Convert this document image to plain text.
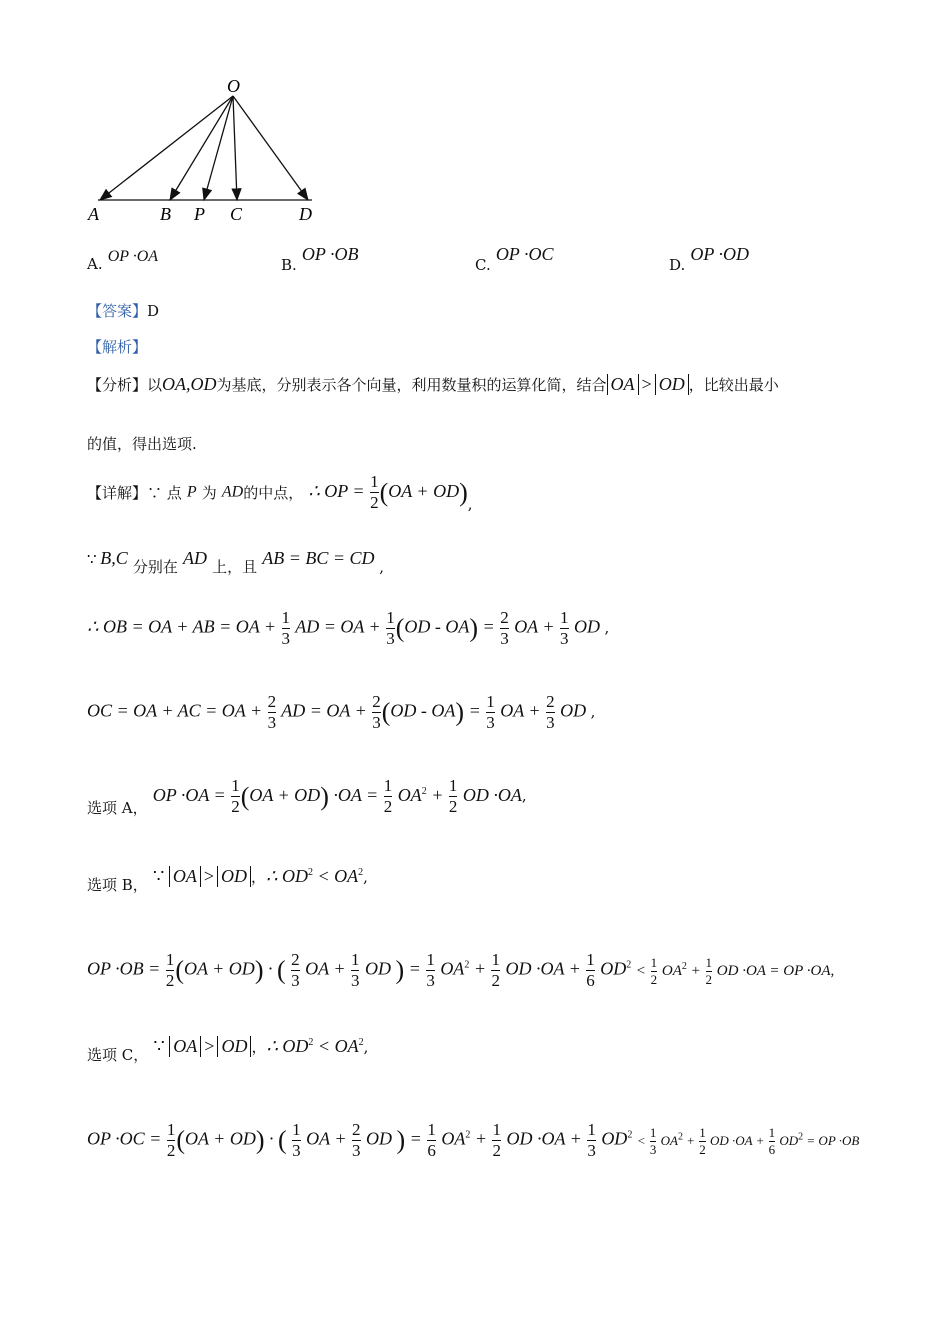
O
A	B P C	D
A. OP ·OA	B. OP ·OB
C. OP ·OC
D. OP ·OD
【答案】D
【解析】
【分析】以OA,OD为基底，分别表示各个向量，利用数量积的运算化简，结合 OA > OD ，比较出最小
的值，得出选项.
【详解】∵ 点 P 为 AD的中点， ∴ OP = $\frac{1}{2} (OA + OD)$,
∵ B,C 分别在 AD 上，且 AB = BC = CD ,
∴ OB = OA + AB = OA + $\frac{1}{3}$ AD = OA + $\frac{1}{3} (OD - OA) = \frac{2}{3}$ OA + $\frac{1}{3}$ OD ,
OC = OA + AC = OA + $\frac{2}{3}$ AD = OA + $\frac{2}{3} (OD - OA) = \frac{1}{3}$ OA + $\frac{2}{3}$ OD ,
选项 A， OP $\cdot OA = \frac{1}{2} (OA + OD) \cdot OA = \frac{1}{2} OA^2 + \frac{1}{2}$ OD ·OA,
选项 B， ∵ OA > OD ，∴ $OD^2 < OA^2$,
OP $\cdot OB = \frac{1}{2} (OA + OD)$ · ( $\frac{2}{3}$ OA + $\frac{1}{3}$ OD ) = $\frac{1}{3} OA^2 + \frac{1}{2}$ OD $\cdot OA + \frac{1}{6} OD^2 < \frac{1}{2} OA^2 + \frac{1}{2}$ OD ·OA = OP ·OA,
选项 C， ∵ OA > OD ，∴ $OD^2 < OA^2$,
OP $\cdot OC = \frac{1}{2} (OA + OD)$ · ( $\frac{1}{3}$ OA + $\frac{2}{3}$ OD ) = $\frac{1}{6} OA^2 + \frac{1}{2}$ OD $\cdot OA + \frac{1}{3} OD^2 < \frac{1}{3} OA^2 + \frac{1}{2}$ OD $\cdot OA + \frac{1}{6} OD^2$ = OP ·OB
